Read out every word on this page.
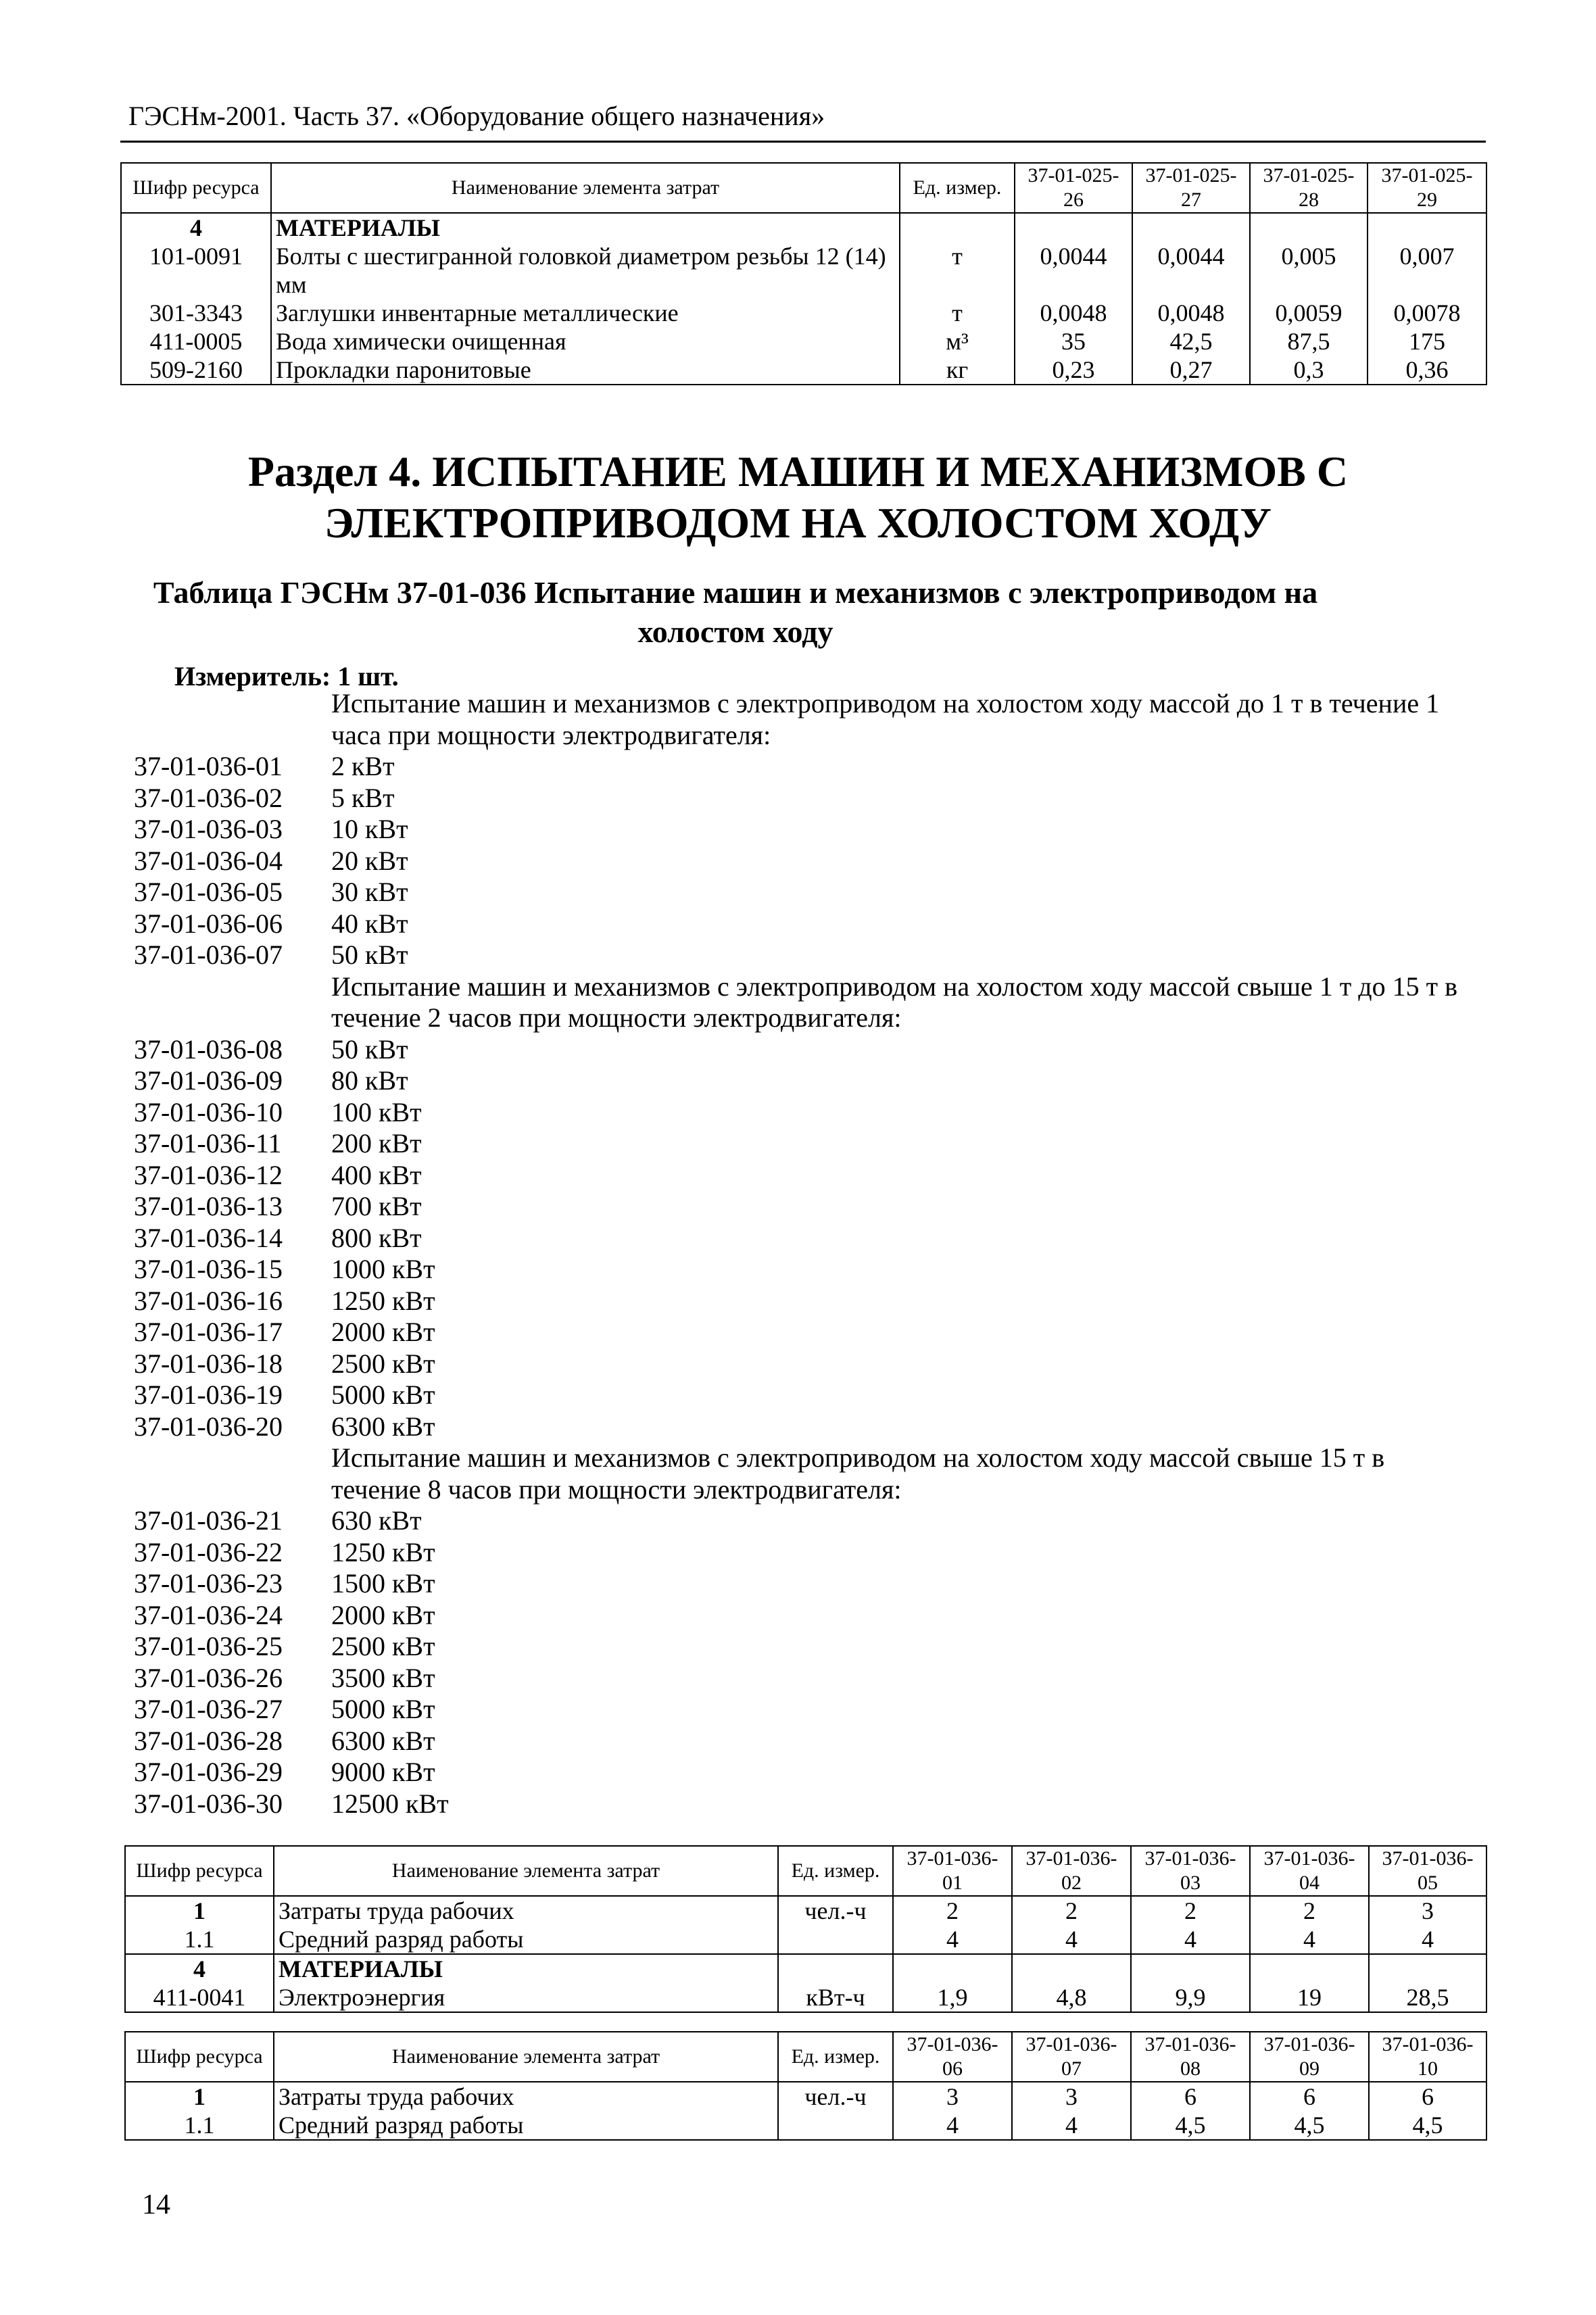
ГЭСНм-2001. Часть 37. «Оборудование общего назначения»
Шифр ресурса	Наименование элемента затрат	Ед. измер.	37-01-025-26	37-01-025-27	37-01-025-28	37-01-025-29
4	МАТЕРИАЛЫ					
101-0091	Болты с шестигранной головкой диаметром резьбы 12 (14) мм	т	0,0044	0,0044	0,005	0,007
301-3343	Заглушки инвентарные металлические	т	0,0048	0,0048	0,0059	0,0078
411-0005	Вода химически очищенная	м³	35	42,5	87,5	175
509-2160	Прокладки паронитовые	кг	0,23	0,27	0,3	0,36
Раздел 4. ИСПЫТАНИЕ МАШИН И МЕХАНИЗМОВ С
ЭЛЕКТРОПРИВОДОМ НА ХОЛОСТОМ ХОДУ
Таблица ГЭСНм 37-01-036 Испытание машин и механизмов с электроприводом на
холостом ходу
Измеритель: 1 шт.
Испытание машин и механизмов с электроприводом на холостом ходу массой до 1 т в течение 1 часа при мощности электродвигателя:
37-01-036-01	2 кВт
37-01-036-02	5 кВт
37-01-036-03	10 кВт
37-01-036-04	20 кВт
37-01-036-05	30 кВт
37-01-036-06	40 кВт
37-01-036-07	50 кВт
Испытание машин и механизмов с электроприводом на холостом ходу массой свыше 1 т до 15 т в течение 2 часов при мощности электродвигателя:
37-01-036-08	50 кВт
37-01-036-09	80 кВт
37-01-036-10	100 кВт
37-01-036-11	200 кВт
37-01-036-12	400 кВт
37-01-036-13	700 кВт
37-01-036-14	800 кВт
37-01-036-15	1000 кВт
37-01-036-16	1250 кВт
37-01-036-17	2000 кВт
37-01-036-18	2500 кВт
37-01-036-19	5000 кВт
37-01-036-20	6300 кВт
Испытание машин и механизмов с электроприводом на холостом ходу массой свыше 15 т в течение 8 часов при мощности электродвигателя:
37-01-036-21	630 кВт
37-01-036-22	1250 кВт
37-01-036-23	1500 кВт
37-01-036-24	2000 кВт
37-01-036-25	2500 кВт
37-01-036-26	3500 кВт
37-01-036-27	5000 кВт
37-01-036-28	6300 кВт
37-01-036-29	9000 кВт
37-01-036-30	12500 кВт
Шифр ресурса	Наименование элемента затрат	Ед. измер.	37-01-036-01	37-01-036-02	37-01-036-03	37-01-036-04	37-01-036-05
1	Затраты труда рабочих	чел.-ч	2	2	2	2	3
1.1	Средний разряд работы		4	4	4	4	4
4	МАТЕРИАЛЫ						
411-0041	Электроэнергия	кВт-ч	1,9	4,8	9,9	19	28,5
Шифр ресурса	Наименование элемента затрат	Ед. измер.	37-01-036-06	37-01-036-07	37-01-036-08	37-01-036-09	37-01-036-10
1	Затраты труда рабочих	чел.-ч	3	3	6	6	6
1.1	Средний разряд работы		4	4	4,5	4,5	4,5
14
